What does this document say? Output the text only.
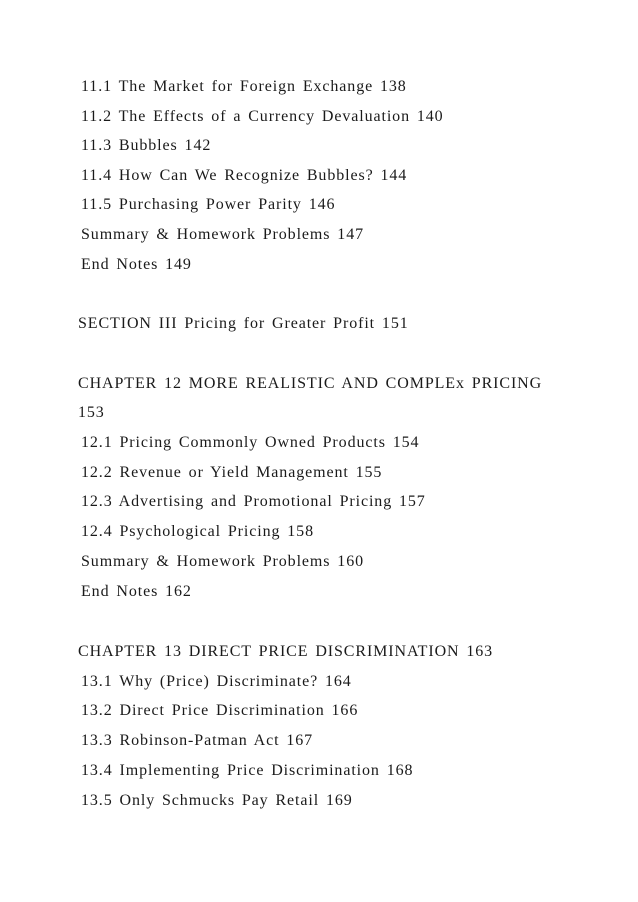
11.1 The Market for Foreign Exchange 138
11.2 The Effects of a Currency Devaluation 140
11.3 Bubbles 142
11.4 How Can We Recognize Bubbles? 144
11.5 Purchasing Power Parity 146
Summary & Homework Problems 147
End Notes 149
SECTION III Pricing for Greater Profit 151
CHAPTER 12 MORE REALISTIC AND COMPLEx PRICING
153
12.1 Pricing Commonly Owned Products 154
12.2 Revenue or Yield Management 155
12.3 Advertising and Promotional Pricing 157
12.4 Psychological Pricing 158
Summary & Homework Problems 160
End Notes 162
CHAPTER 13 DIRECT PRICE DISCRIMINATION 163
13.1 Why (Price) Discriminate? 164
13.2 Direct Price Discrimination 166
13.3 Robinson-Patman Act 167
13.4 Implementing Price Discrimination 168
13.5 Only Schmucks Pay Retail 169
